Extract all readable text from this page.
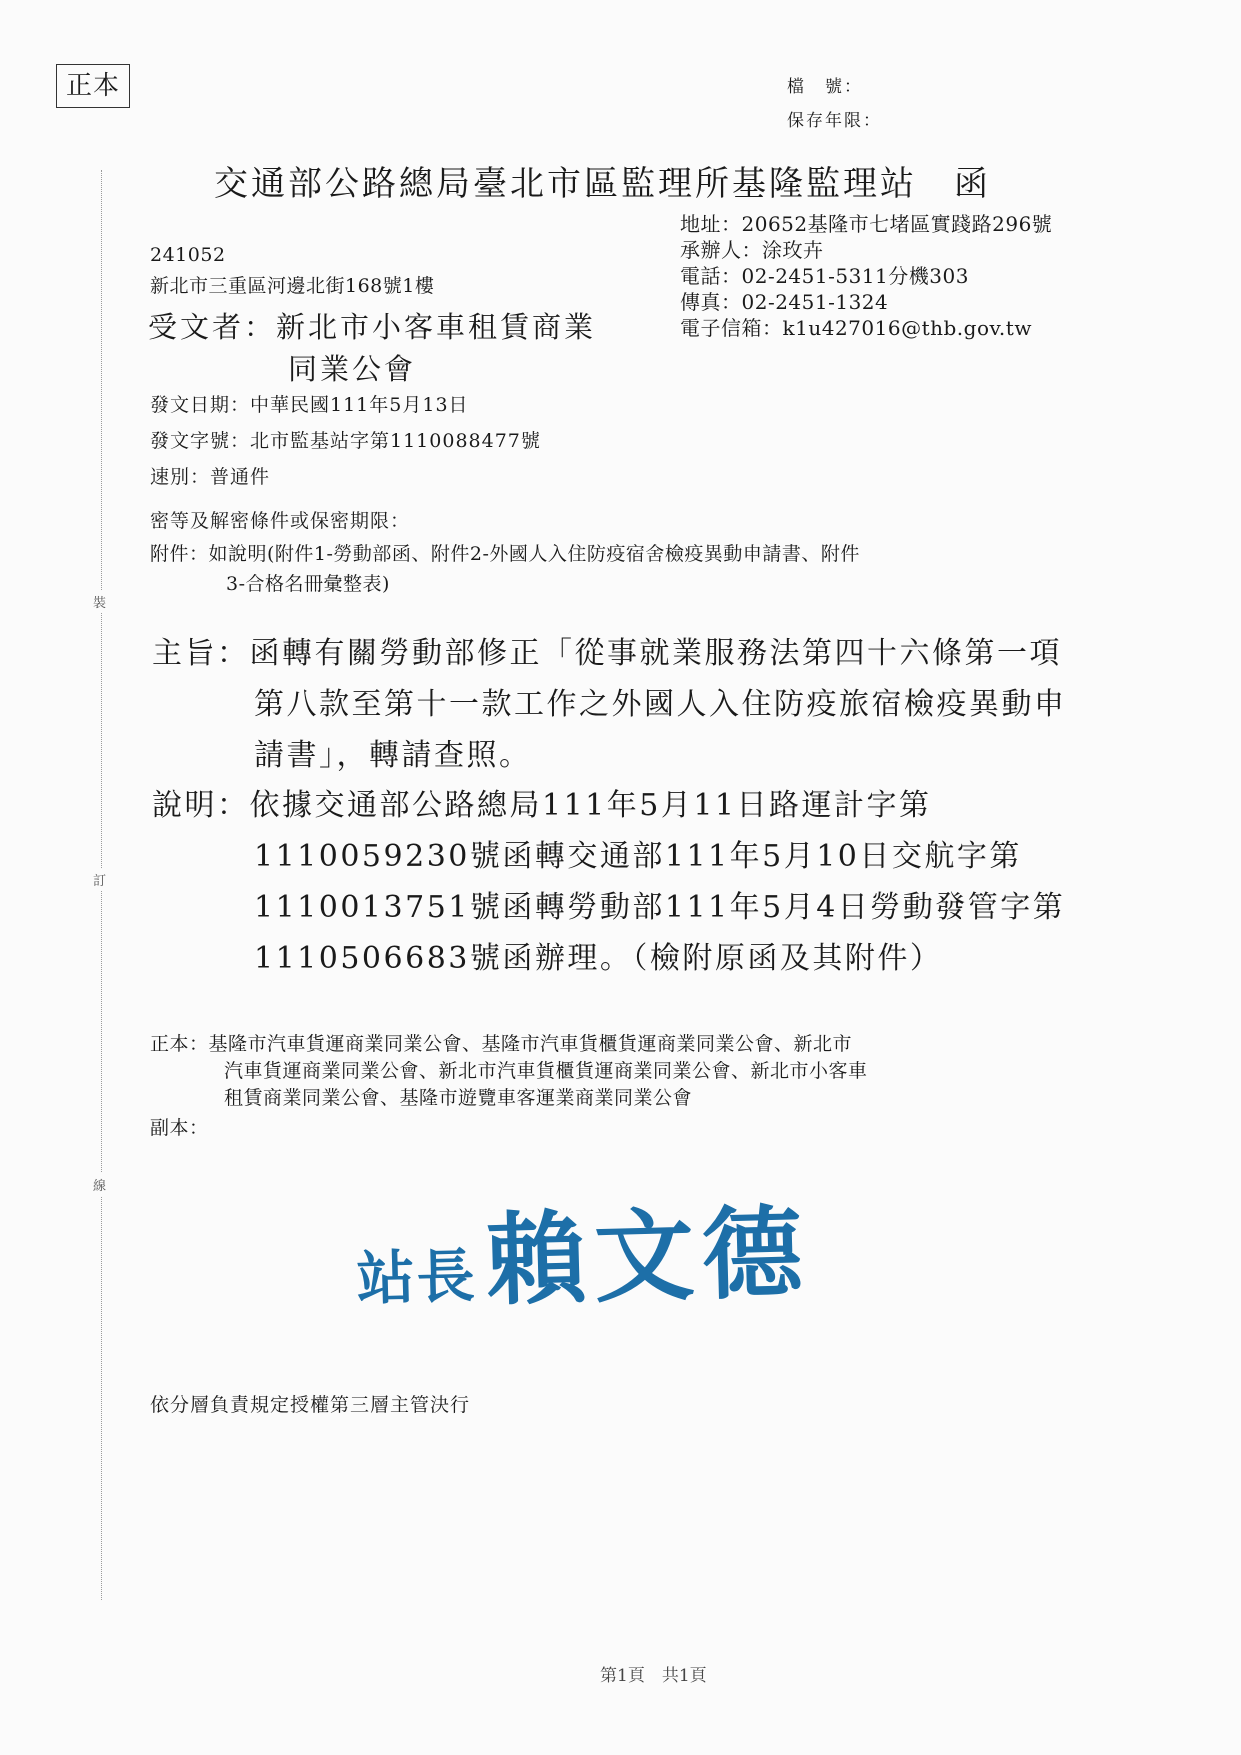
裝
訂
線
正本	檔　號：
保存年限：
交通部公路總局臺北市區監理所基隆監理站　函
地址：20652基隆市七堵區實踐路296號
承辦人：涂玫卉
電話：02-2451-5311分機303
傳真：02-2451-1324
電子信箱：k1u427016@thb.gov.tw
241052
新北市三重區河邊北街168號1樓
受文者：新北市小客車租賃商業
同業公會
發文日期：中華民國111年5月13日
發文字號：北市監基站字第1110088477號
速別：普通件
密等及解密條件或保密期限：
附件：如說明(附件1-勞動部函、附件2-外國人入住防疫宿舍檢疫異動申請書、附件
3-合格名冊彙整表)
主旨：函轉有關勞動部修正「從事就業服務法第四十六條第一項
第八款至第十一款工作之外國人入住防疫旅宿檢疫異動申
請書」，轉請查照。
說明：依據交通部公路總局111年5月11日路運計字第
1110059230號函轉交通部111年5月10日交航字第
1110013751號函轉勞動部111年5月4日勞動發管字第
1110506683號函辦理。（檢附原函及其附件）
正本：基隆市汽車貨運商業同業公會、基隆市汽車貨櫃貨運商業同業公會、新北市
汽車貨運商業同業公會、新北市汽車貨櫃貨運商業同業公會、新北市小客車
租賃商業同業公會、基隆市遊覽車客運業商業同業公會
副本：
站長賴文德
依分層負責規定授權第三層主管決行
第1頁　共1頁
